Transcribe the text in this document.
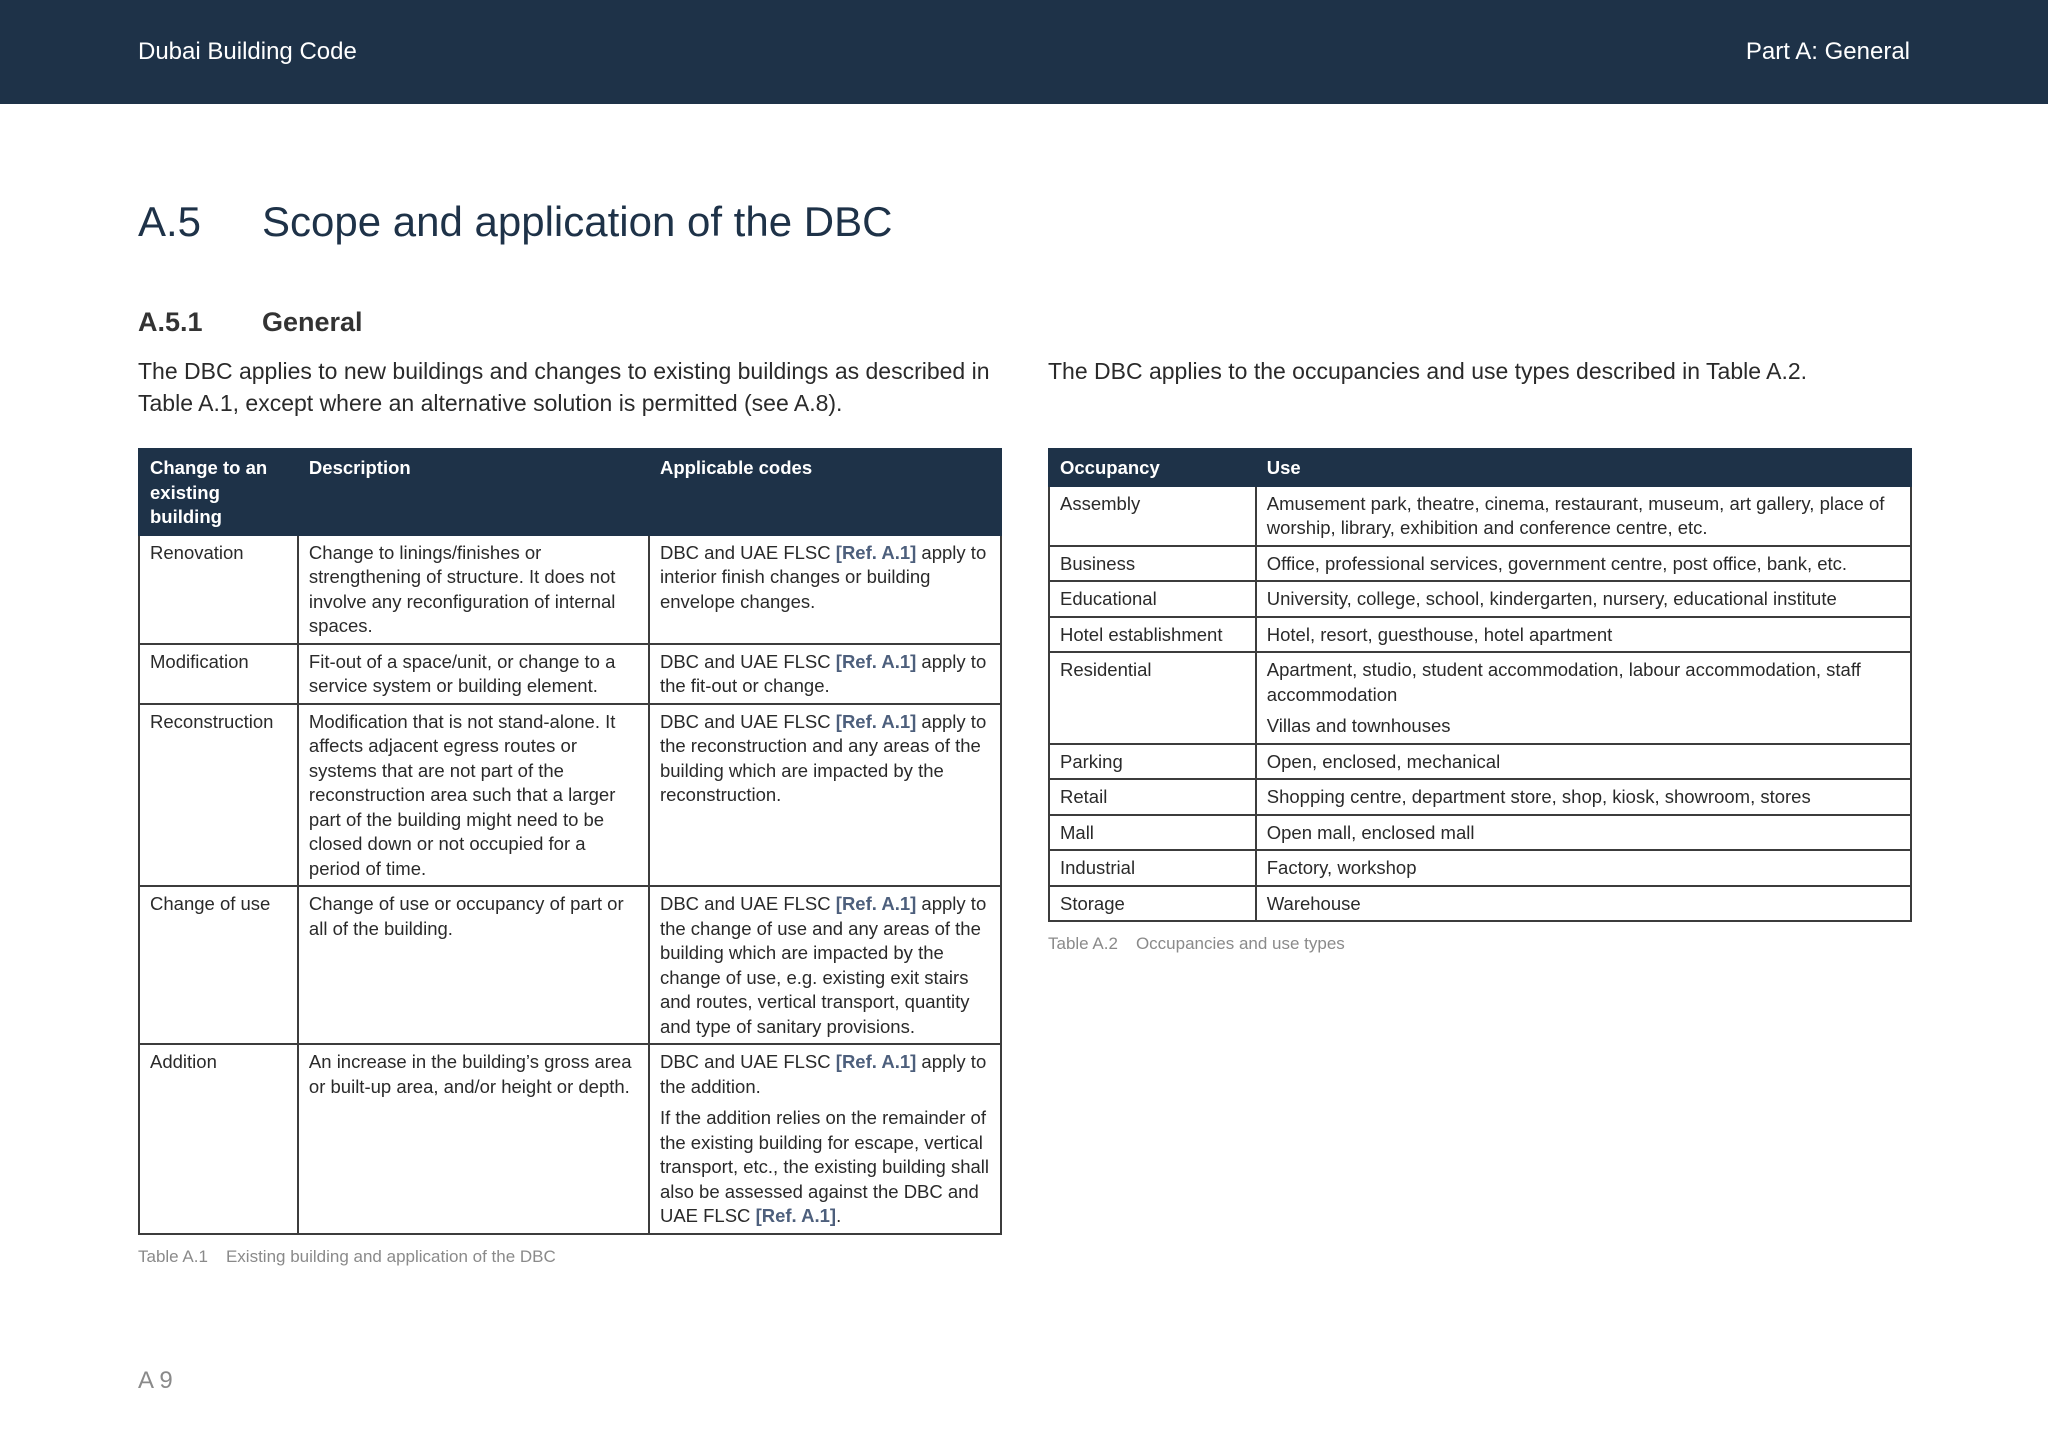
Dubai Building Code	Part A: General
A.5 Scope and application of the DBC
A.5.1 General
The DBC applies to new buildings and changes to existing buildings as described in Table A.1, except where an alternative solution is permitted (see A.8).
The DBC applies to the occupancies and use types described in Table A.2.
Change to an existing building	Description	Applicable codes
Renovation	Change to linings/finishes or strengthening of structure. It does not involve any reconfiguration of internal spaces.	DBC and UAE FLSC [Ref. A.1] apply to interior finish changes or building envelope changes.
Modification	Fit-out of a space/unit, or change to a service system or building element.	DBC and UAE FLSC [Ref. A.1] apply to the fit-out or change.
Reconstruction	Modification that is not stand-alone. It affects adjacent egress routes or systems that are not part of the reconstruction area such that a larger part of the building might need to be closed down or not occupied for a period of time.	DBC and UAE FLSC [Ref. A.1] apply to the reconstruction and any areas of the building which are impacted by the reconstruction.
Change of use	Change of use or occupancy of part or all of the building.	DBC and UAE FLSC [Ref. A.1] apply to the change of use and any areas of the building which are impacted by the change of use, e.g. existing exit stairs and routes, vertical transport, quantity and type of sanitary provisions.
Addition	An increase in the building’s gross area or built-up area, and/or height or depth.	DBC and UAE FLSC [Ref. A.1] apply to the addition.

If the addition relies on the remainder of the existing building for escape, vertical transport, etc., the existing building shall also be assessed against the DBC and UAE FLSC [Ref. A.1].

Table A.1 Existing building and application of the DBC
Occupancy	Use
Assembly	Amusement park, theatre, cinema, restaurant, museum, art gallery, place of worship, library, exhibition and conference centre, etc.
Business	Office, professional services, government centre, post office, bank, etc.
Educational	University, college, school, kindergarten, nursery, educational institute
Hotel establishment	Hotel, resort, guesthouse, hotel apartment
Residential	Apartment, studio, student accommodation, labour accommodation, staff accommodation

Villas and townhouses

Parking	Open, enclosed, mechanical
Retail	Shopping centre, department store, shop, kiosk, showroom, stores
Mall	Open mall, enclosed mall
Industrial	Factory, workshop
Storage	Warehouse
Table A.2 Occupancies and use types
A 9
